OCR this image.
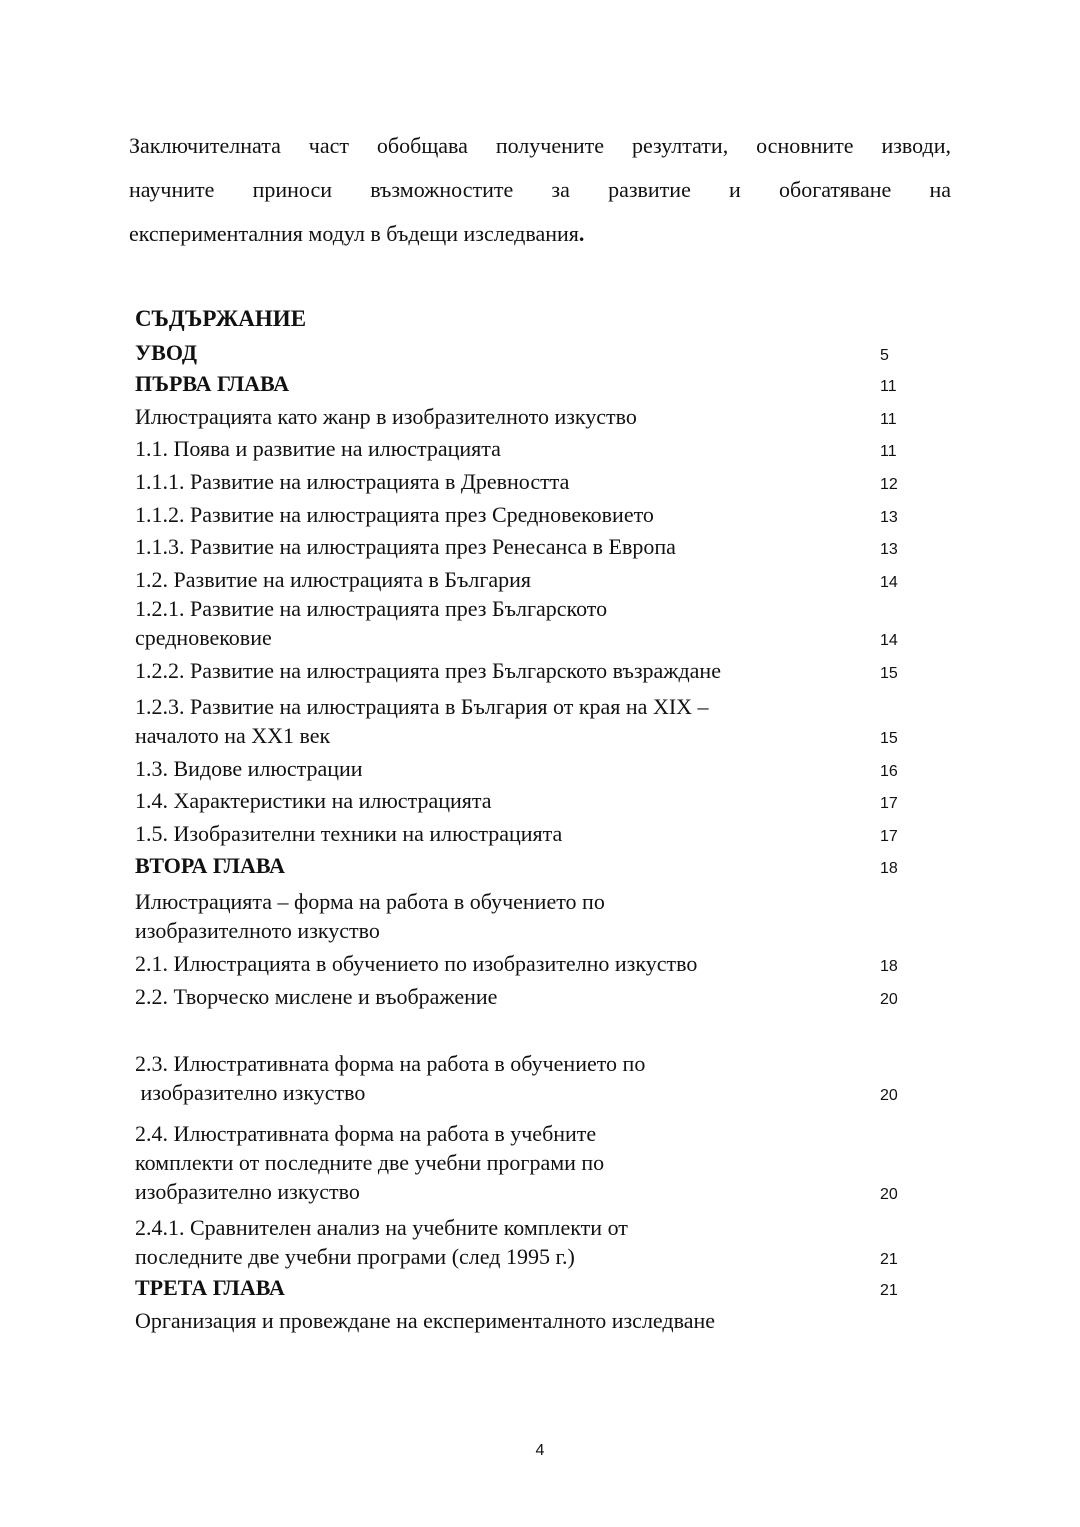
Заключителната част обобщава получените резултати, основните изводи,
научните приноси възможностите за развитие и обогатяване на
експерименталния модул в бъдещи изследвания.
СЪДЪРЖАНИЕ
УВОД	5
ПЪРВА ГЛАВА	11
Илюстрацията като жанр в изобразителното изкуство	11
1.1. Поява и развитие на илюстрацията	11
1.1.1. Развитие на илюстрацията в Древността	12
1.1.2. Развитие на илюстрацията през Средновековието	13
1.1.3. Развитие на илюстрацията през Ренесанса в Европа	13
1.2. Развитие на илюстрацията в България	14
1.2.1. Развитие на илюстрацията през Българското
средновековие	14
1.2.2. Развитие на илюстрацията през Българското възраждане	15
1.2.3. Развитие на илюстрацията в България от края на XIX –
началото на XX1 век	15
1.3. Видове илюстрации	16
1.4. Характеристики на илюстрацията	17
1.5. Изобразителни техники на илюстрацията	17
ВТОРА ГЛАВА	18
Илюстрацията – форма на работа в обучението по
изобразителното изкуство
2.1. Илюстрацията в обучението по изобразително изкуство	18
2.2. Творческо мислене и въображение	20
2.3. Илюстративната форма на работа в обучението по
изобразително изкуство	20
2.4. Илюстративната форма на работа в учебните
комплекти от последните две учебни програми по
изобразително изкуство	20
2.4.1. Сравнителен анализ на учебните комплекти от
последните две учебни програми (след 1995 г.)	21
ТРЕТА ГЛАВА	21
Организация и провеждане на експерименталното изследване
4
